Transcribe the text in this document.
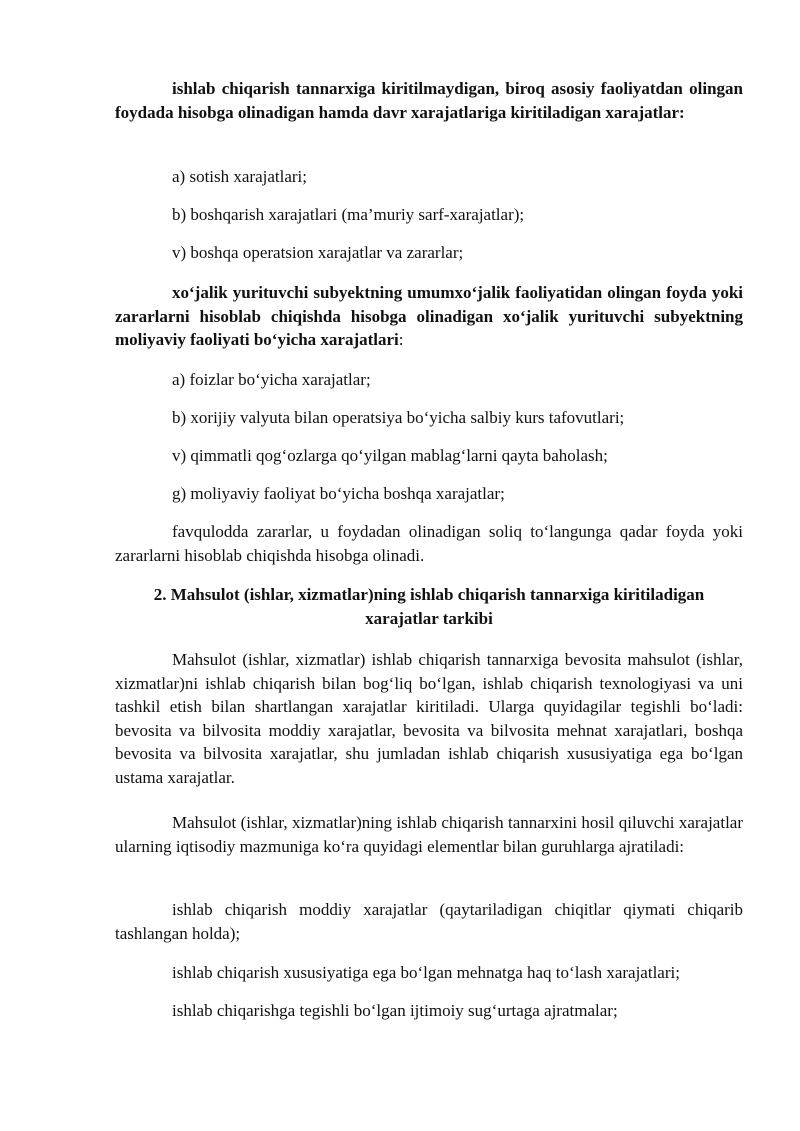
ishlab chiqarish tannarxiga kiritilmaydigan, biroq asosiy faoliyatdan olingan foydada hisobga olinadigan hamda davr xarajatlariga kiritiladigan xarajatlar:

a) sotish xarajatlari;

b) boshqarish xarajatlari (ma’muriy sarf-xarajatlar);

v) boshqa operatsion xarajatlar va zararlar;

xo‘jalik yurituvchi subyektning umumxo‘jalik faoliyatidan olingan foyda yoki zararlarni hisoblab chiqishda hisobga olinadigan xo‘jalik yurituvchi subyektning moliyaviy faoliyati bo‘yicha xarajatlari:

a) foizlar bo‘yicha xarajatlar;

b) xorijiy valyuta bilan operatsiya bo‘yicha salbiy kurs tafovutlari;

v) qimmatli qog‘ozlarga qo‘yilgan mablag‘larni qayta baholash;

g) moliyaviy faoliyat bo‘yicha boshqa xarajatlar;

favqulodda zararlar, u foydadan olinadigan soliq to‘langunga qadar foyda yoki zararlarni hisoblab chiqishda hisobga olinadi.

2. Mahsulot (ishlar, xizmatlar)ning ishlab chiqarish tannarxiga kiritiladigan

xarajatlar tarkibi

Mahsulot (ishlar, xizmatlar) ishlab chiqarish tannarxiga bevosita mahsulot (ishlar, xizmatlar)ni ishlab chiqarish bilan bog‘liq bo‘lgan, ishlab chiqarish texnologiyasi va uni tashkil etish bilan shartlangan xarajatlar kiritiladi. Ularga quyidagilar tegishli bo‘ladi: bevosita va bilvosita moddiy xarajatlar, bevosita va bilvosita mehnat xarajatlari, boshqa bevosita va bilvosita xarajatlar, shu jumladan ishlab chiqarish xususiyatiga ega bo‘lgan ustama xarajatlar.

Mahsulot (ishlar, xizmatlar)ning ishlab chiqarish tannarxini hosil qiluvchi xarajatlar ularning iqtisodiy mazmuniga ko‘ra quyidagi elementlar bilan guruhlarga ajratiladi:

ishlab chiqarish moddiy xarajatlar (qaytariladigan chiqitlar qiymati chiqarib tashlangan holda);

ishlab chiqarish xususiyatiga ega bo‘lgan mehnatga haq to‘lash xarajatlari;

ishlab chiqarishga tegishli bo‘lgan ijtimoiy sug‘urtaga ajratmalar;
